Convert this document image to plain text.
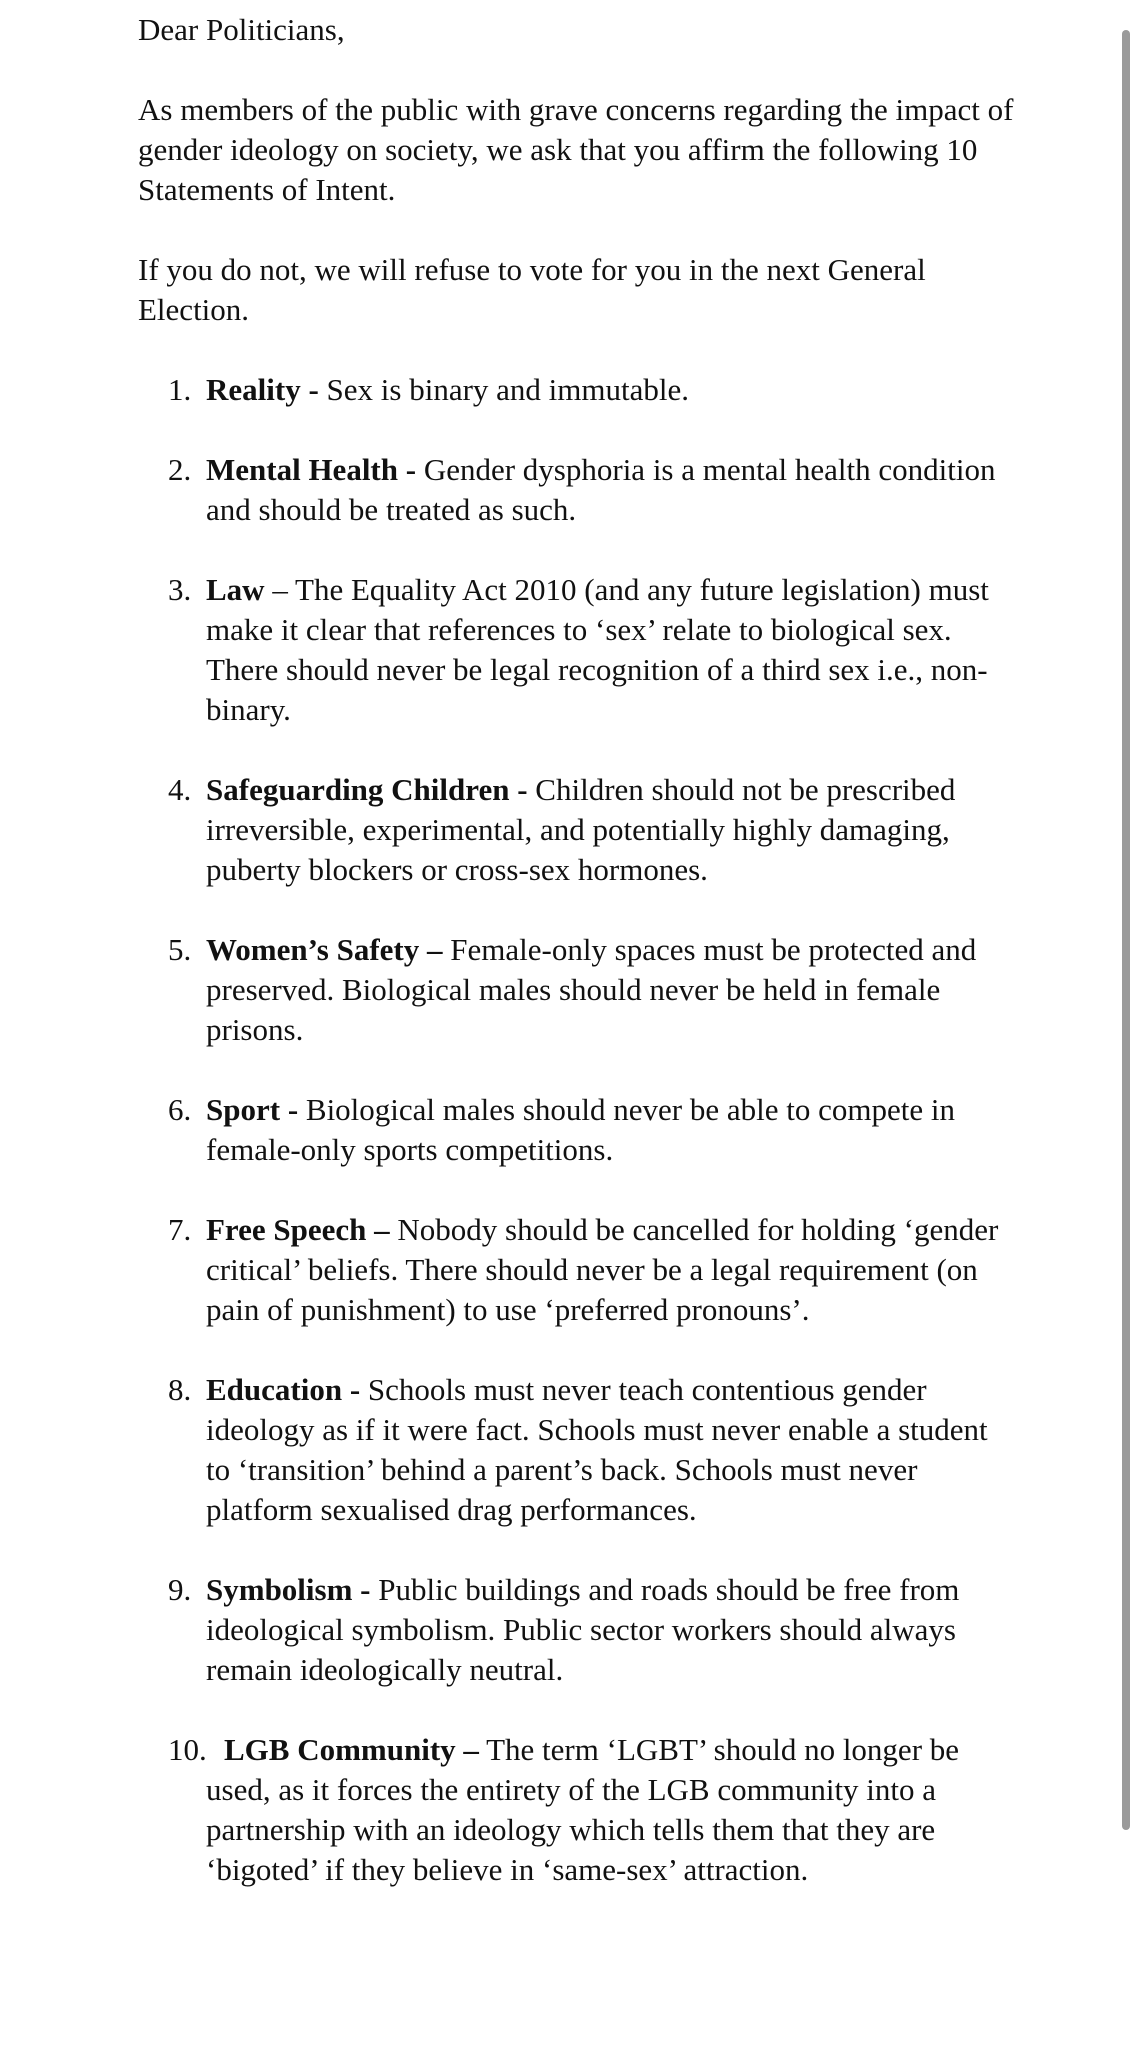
Dear Politicians,

As members of the public with grave concerns regarding the impact of gender ideology on society, we ask that you affirm the following 10 Statements of Intent.

If you do not, we will refuse to vote for you in the next General Election.

1. Reality - Sex is binary and immutable.
2. Mental Health - Gender dysphoria is a mental health condition and should be treated as such.
3. Law – The Equality Act 2010 (and any future legislation) must make it clear that references to ‘sex’ relate to biological sex. There should never be legal recognition of a third sex i.e., non-binary.
4. Safeguarding Children - Children should not be prescribed irreversible, experimental, and potentially highly damaging, puberty blockers or cross-sex hormones.
5. Women’s Safety – Female-only spaces must be protected and preserved. Biological males should never be held in female prisons.
6. Sport - Biological males should never be able to compete in female-only sports competitions.
7. Free Speech – Nobody should be cancelled for holding ‘gender critical’ beliefs. There should never be a legal requirement (on pain of punishment) to use ‘preferred pronouns’.
8. Education - Schools must never teach contentious gender ideology as if it were fact. Schools must never enable a student to ‘transition’ behind a parent’s back. Schools must never platform sexualised drag performances.
9. Symbolism - Public buildings and roads should be free from ideological symbolism. Public sector workers should always remain ideologically neutral.
10. LGB Community – The term ‘LGBT’ should no longer be used, as it forces the entirety of the LGB community into a partnership with an ideology which tells them that they are ‘bigoted’ if they believe in ‘same-sex’ attraction.
